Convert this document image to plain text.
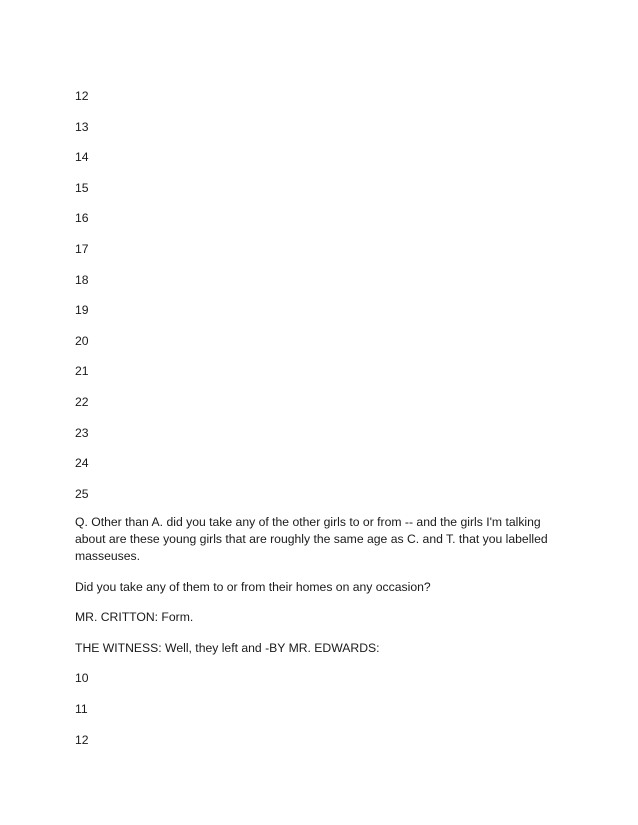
12
13
14
15
16
17
18
19
20
21
22
23
24
25

Q. Other than A. did you take any of the other girls to or from -- and the girls I'm talking about are these young girls that are roughly the same age as C. and T. that you labelled masseuses.

Did you take any of them to or from their homes on any occasion?

MR. CRITTON: Form.

THE WITNESS: Well, they left and -BY MR. EDWARDS:

10
11
12
